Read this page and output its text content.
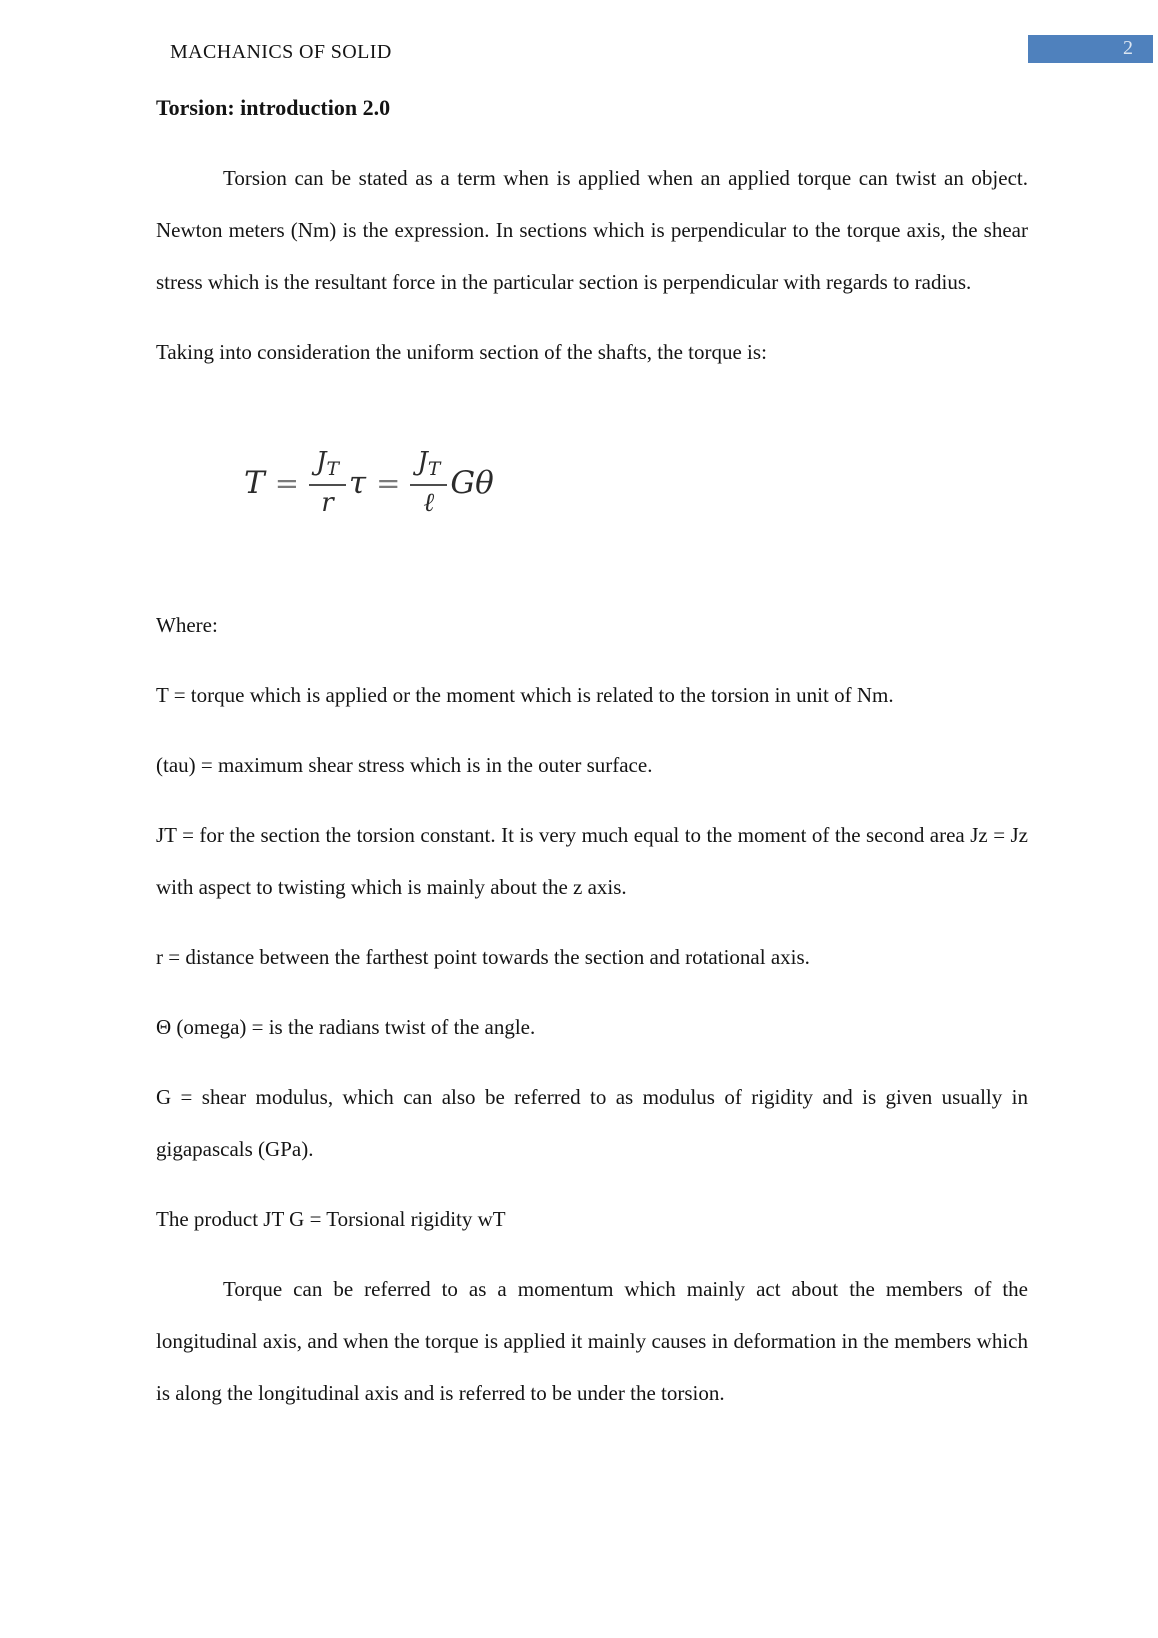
MACHANICS OF SOLID	2
Torsion: introduction 2.0

Torsion can be stated as a term when is applied when an applied torque can twist an object. Newton meters (Nm) is the expression. In sections which is perpendicular to the torque axis, the shear stress which is the resultant force in the particular section is perpendicular with regards to radius.

Taking into consideration the uniform section of the shafts, the torque is:

$T = \frac{J_T}{r}$ $\tau = \frac{J_T}{\text{ℓ}}$ Gθ

Where:

T = torque which is applied or the moment which is related to the torsion in unit of Nm.

(tau) = maximum shear stress which is in the outer surface.

JT = for the section the torsion constant. It is very much equal to the moment of the second area Jz = Jz with aspect to twisting which is mainly about the z axis.

r = distance between the farthest point towards the section and rotational axis.

Θ (omega) = is the radians twist of the angle.

G = shear modulus, which can also be referred to as modulus of rigidity and is given usually in gigapascals (GPa).

The product JT G = Torsional rigidity wT

Torque can be referred to as a momentum which mainly act about the members of the longitudinal axis, and when the torque is applied it mainly causes in deformation in the members which is along the longitudinal axis and is referred to be under the torsion.
